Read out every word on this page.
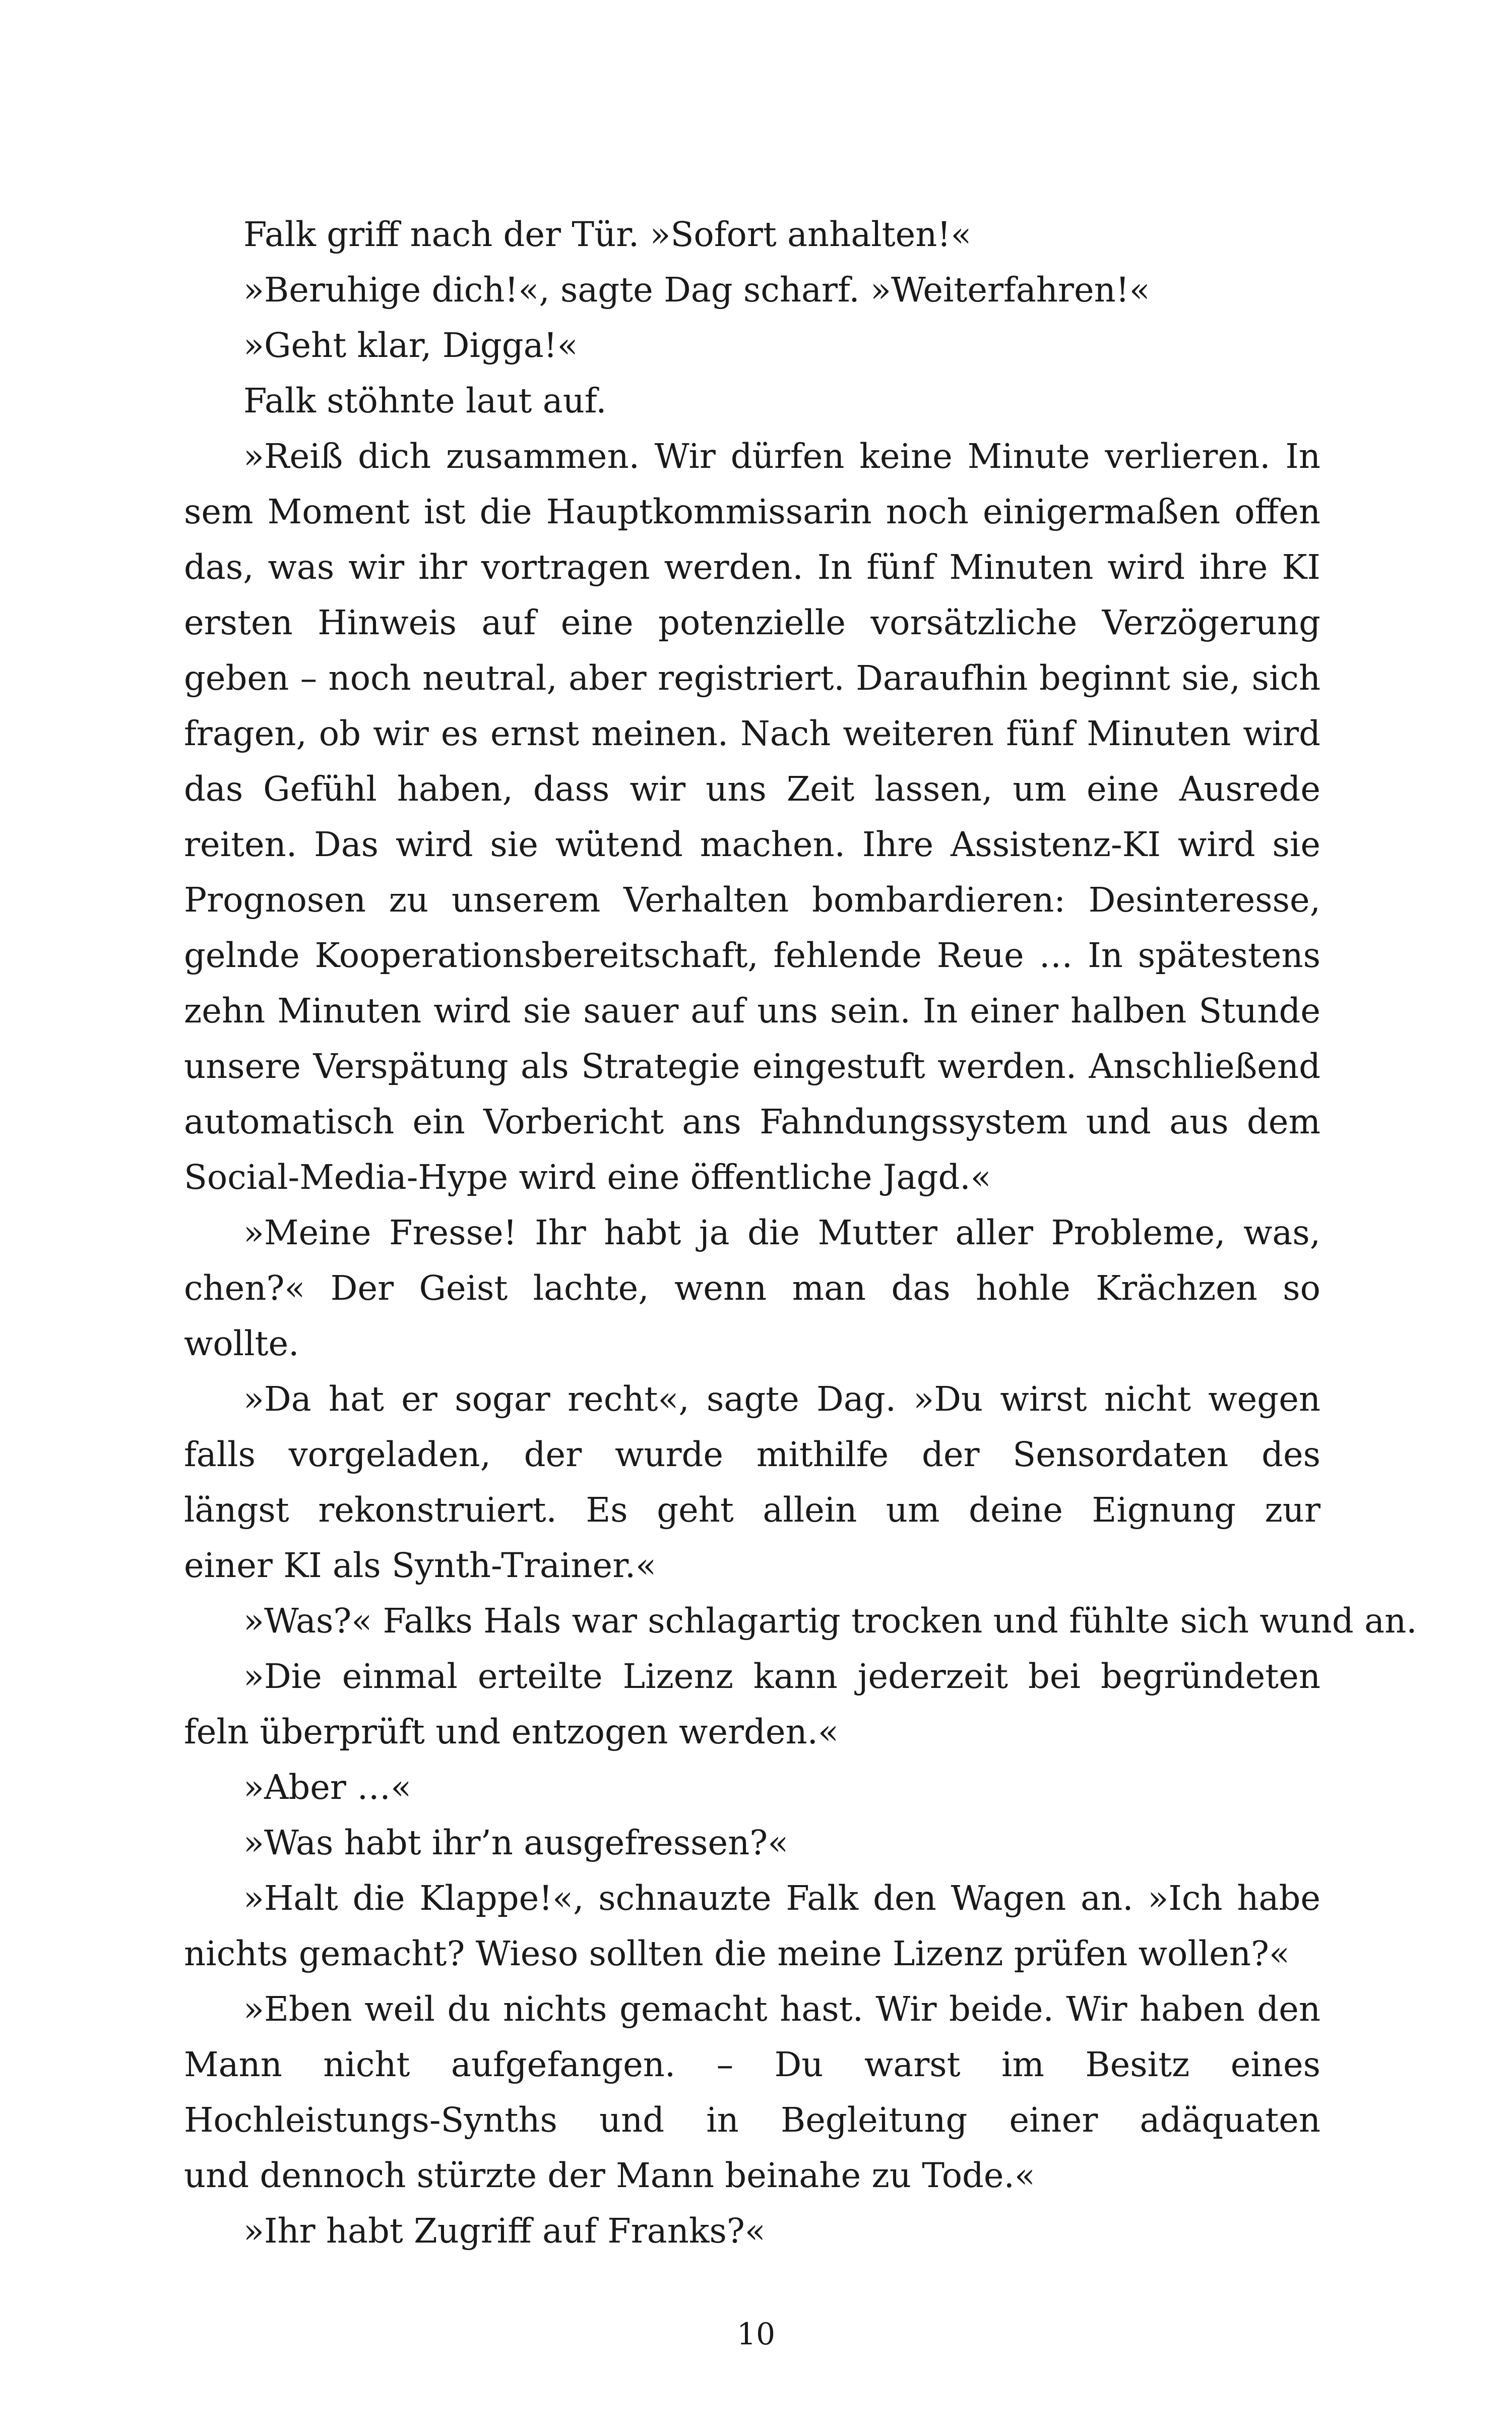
Falk griff nach der Tür. »Sofort anhalten!«
»Beruhige dich!«, sagte Dag scharf. »Weiterfahren!«
»Geht klar, Digga!«
Falk stöhnte laut auf.
»Reiß dich zusammen. Wir dürfen keine Minute verlieren. In
sem Moment ist die Hauptkommissarin noch einigermaßen offen
das, was wir ihr vortragen werden. In fünf Minuten wird ihre KI
ersten Hinweis auf eine potenzielle vorsätzliche Verzögerung
geben – noch neutral, aber registriert. Daraufhin beginnt sie, sich
fragen, ob wir es ernst meinen. Nach weiteren fünf Minuten wird
das Gefühl haben, dass wir uns Zeit lassen, um eine Ausrede
reiten. Das wird sie wütend machen. Ihre Assistenz-KI wird sie
Prognosen zu unserem Verhalten bombardieren: Desinteresse,
gelnde Kooperationsbereitschaft, fehlende Reue … In spätestens
zehn Minuten wird sie sauer auf uns sein. In einer halben Stunde
unsere Verspätung als Strategie eingestuft werden. Anschließend
automatisch ein Vorbericht ans Fahndungssystem und aus dem
Social-Media-Hype wird eine öffentliche Jagd.«
»Meine Fresse! Ihr habt ja die Mutter aller Probleme, was,
chen?« Der Geist lachte, wenn man das hohle Krächzen so
wollte.
»Da hat er sogar recht«, sagte Dag. »Du wirst nicht wegen
falls vorgeladen, der wurde mithilfe der Sensordaten des
längst rekonstruiert. Es geht allein um deine Eignung zur
einer KI als Synth-Trainer.«
»Was?« Falks Hals war schlagartig trocken und fühlte sich wund an.
»Die einmal erteilte Lizenz kann jederzeit bei begründeten
feln überprüft und entzogen werden.«
»Aber …«
»Was habt ihr’n ausgefressen?«
»Halt die Klappe!«, schnauzte Falk den Wagen an. »Ich habe
nichts gemacht? Wieso sollten die meine Lizenz prüfen wollen?«
»Eben weil du nichts gemacht hast. Wir beide. Wir haben den
Mann nicht aufgefangen. – Du warst im Besitz eines
Hochleistungs-Synths und in Begleitung einer adäquaten
und dennoch stürzte der Mann beinahe zu Tode.«
»Ihr habt Zugriff auf Franks?«
10
